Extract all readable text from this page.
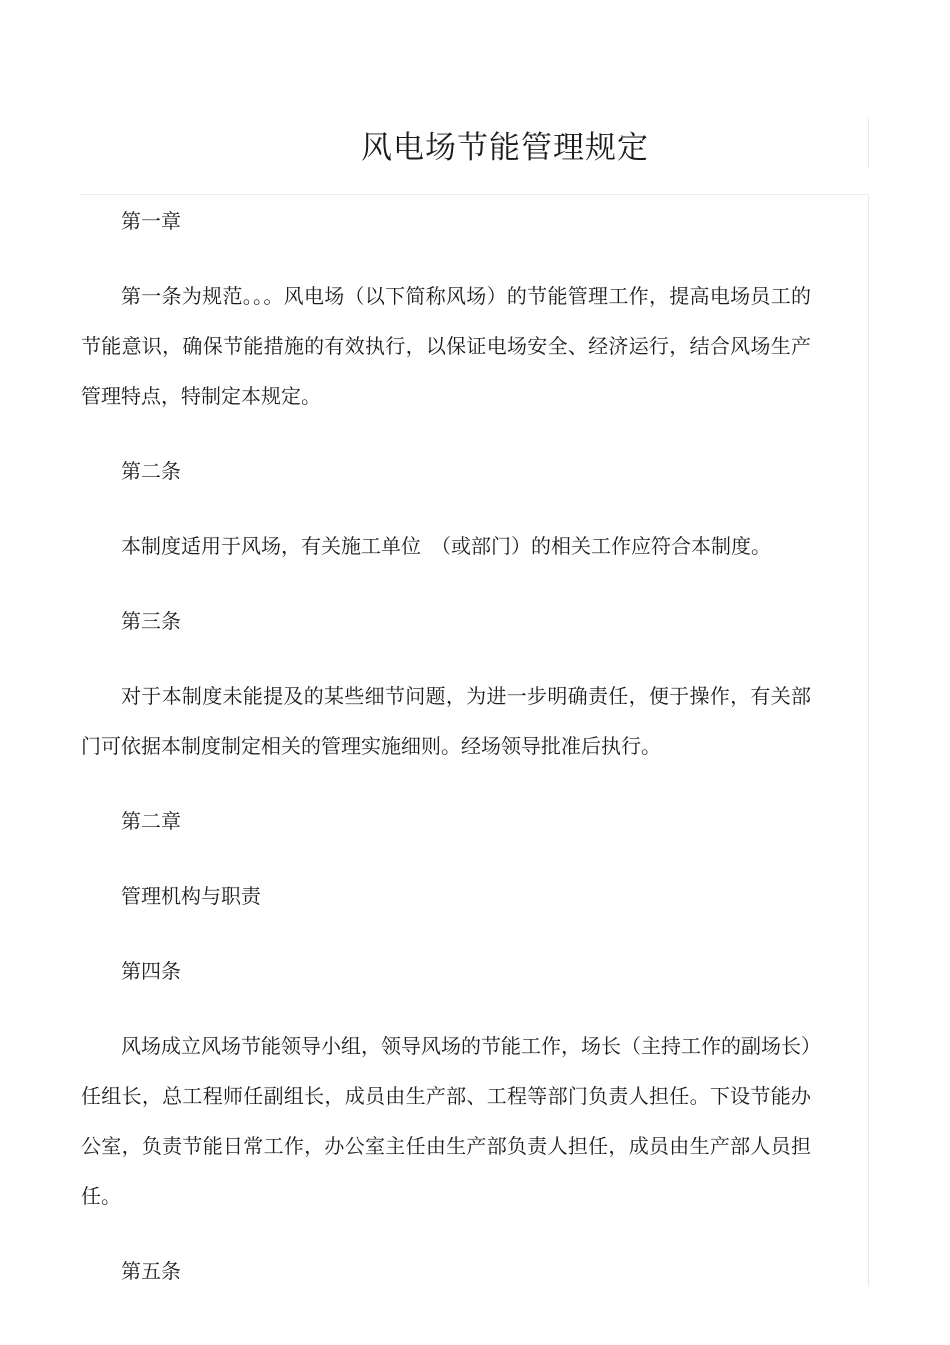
风电场节能管理规定

第一章

第一条为规范。。。风电场（以下简称风场）的节能管理工作，提高电场员工的节能意识，确保节能措施的有效执行，以保证电场安全、经济运行，结合风场生产管理特点，特制定本规定。

第二条

本制度适用于风场，有关施工单位　（或部门）的相关工作应符合本制度。

第三条

对于本制度未能提及的某些细节问题，为进一步明确责任，便于操作，有关部门可依据本制度制定相关的管理实施细则。经场领导批准后执行。

第二章

管理机构与职责

第四条

风场成立风场节能领导小组，领导风场的节能工作，场长（主持工作的副场长）任组长，总工程师任副组长，成员由生产部、工程等部门负责人担任。下设节能办公室，负责节能日常工作，办公室主任由生产部负责人担任，成员由生产部人员担任。

第五条
